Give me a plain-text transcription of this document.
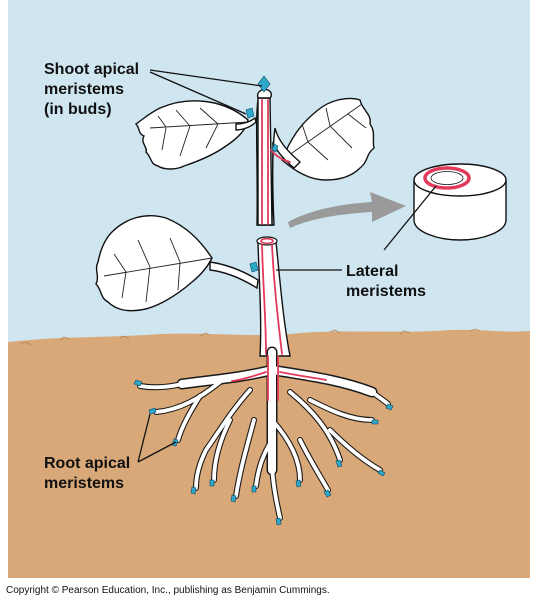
Shoot apical
meristems
(in buds)
Lateral
meristems
Root apical
meristems
Copyright © Pearson Education, Inc., publishing as Benjamin Cummings.
